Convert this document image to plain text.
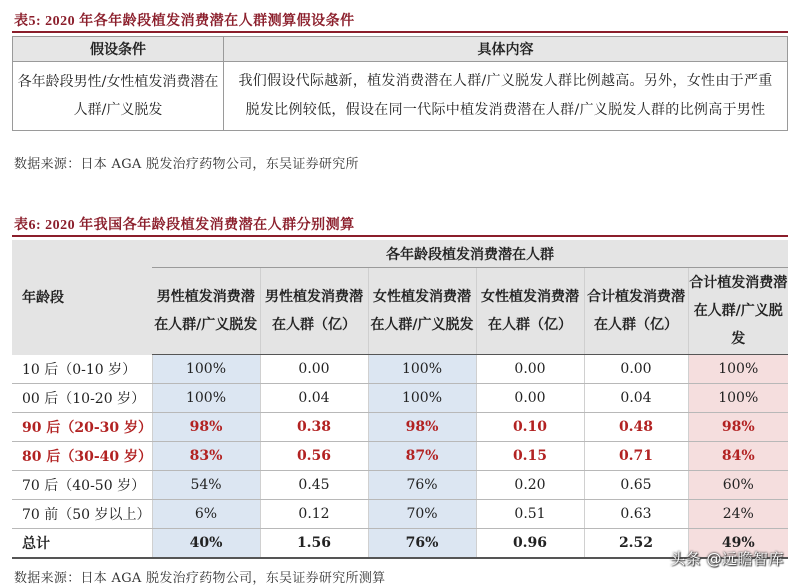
表5: 2020 年各年龄段植发消费潜在人群测算假设条件
假设条件	具体内容
各年龄段男性/女性植发消费潜在人群/广义脱发	我们假设代际越新，植发消费潜在人群/广义脱发人群比例越高。另外，女性由于严重脱发比例较低，假设在同一代际中植发消费潜在人群/广义脱发人群的比例高于男性
数据来源：日本 AGA 脱发治疗药物公司，东吴证券研究所
表6: 2020 年我国各年龄段植发消费潜在人群分别测算
年龄段	各年龄段植发消费潜在人群					
	男性植发消费潜在人群/广义脱发	男性植发消费潜在人群（亿）	女性植发消费潜在人群/广义脱发	女性植发消费潜在人群（亿）	合计植发消费潜在人群（亿）	合计植发消费潜在人群/广义脱发
10 后（0-10 岁）	100%	0.00	100%	0.00	0.00	100%
00 后（10-20 岁）	100%	0.04	100%	0.00	0.04	100%
90 后（20-30 岁）	98%	0.38	98%	0.10	0.48	98%
80 后（30-40 岁）	83%	0.56	87%	0.15	0.71	84%
70 后（40-50 岁）	54%	0.45	76%	0.20	0.65	60%
70 前（50 岁以上）	6%	0.12	70%	0.51	0.63	24%
总计	40%	1.56	76%	0.96	2.52	49%
数据来源：日本 AGA 脱发治疗药物公司，东吴证券研究所测算
头条 @远瞻智库
